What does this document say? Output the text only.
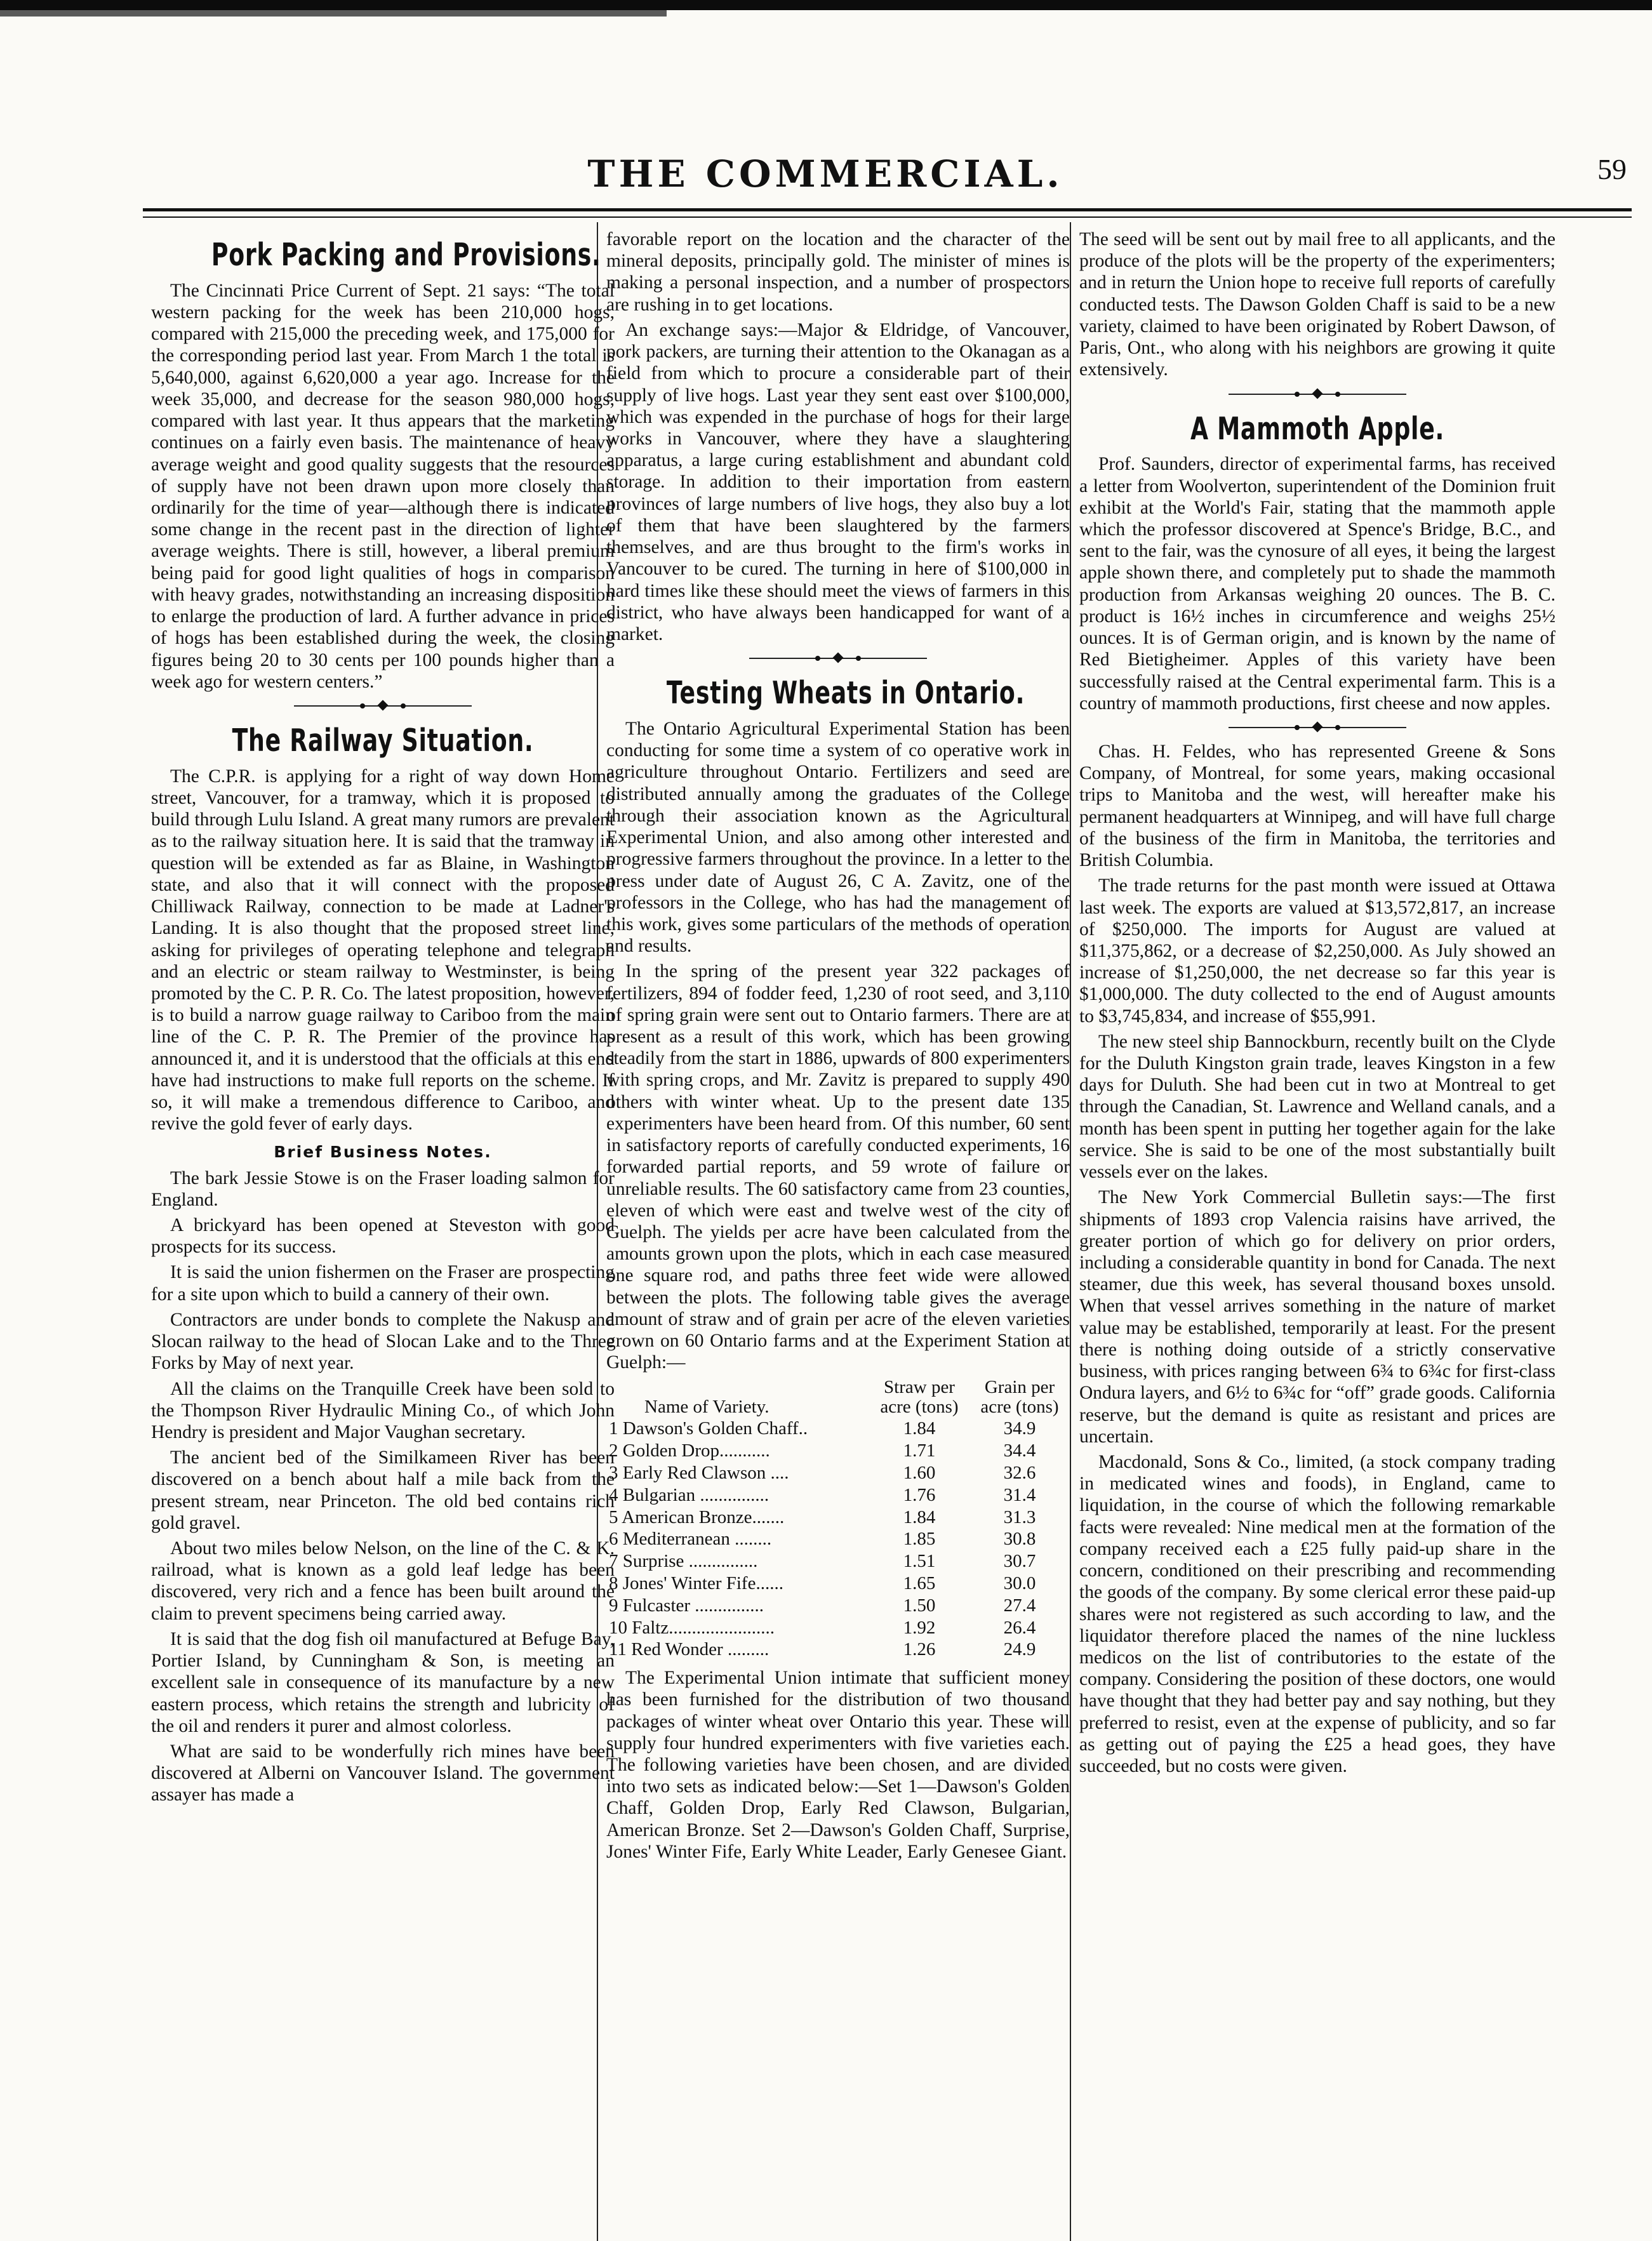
THE COMMERCIAL.	59
Pork Packing and Provisions.

The Cincinnati Price Current of Sept. 21 says: “The total western packing for the week has been 210,000 hogs, compared with 215,000 the preceding week, and 175,000 for the corresponding period last year. From March 1 the total is 5,640,000, against 6,620,000 a year ago. Increase for the week 35,000, and decrease for the season 980,000 hogs, compared with last year. It thus appears that the marketing continues on a fairly even basis. The maintenance of heavy average weight and good quality suggests that the resources of supply have not been drawn upon more closely than ordinarily for the time of year—although there is indicated some change in the recent past in the direction of lighter average weights. There is still, however, a liberal premium being paid for good light qualities of hogs in comparison with heavy grades, notwithstanding an increasing disposition to enlarge the production of lard. A further advance in prices of hogs has been established during the week, the closing figures being 20 to 30 cents per 100 pounds higher than a week ago for western centers.”

The Railway Situation.

The C.P.R. is applying for a right of way down Home street, Vancouver, for a tramway, which it is proposed to build through Lulu Island. A great many rumors are prevalent as to the railway situation here. It is said that the tramway in question will be extended as far as Blaine, in Washington state, and also that it will connect with the proposed Chilliwack Railway, connection to be made at Ladner's Landing. It is also thought that the proposed street line, asking for privileges of operating telephone and telegraph and an electric or steam railway to Westminster, is being promoted by the C. P. R. Co. The latest proposition, however, is to build a narrow guage railway to Cariboo from the main line of the C. P. R. The Premier of the province has announced it, and it is understood that the officials at this end have had instructions to make full reports on the scheme. If so, it will make a tremendous difference to Cariboo, and revive the gold fever of early days.

Brief Business Notes.

The bark Jessie Stowe is on the Fraser loading salmon for England.

A brickyard has been opened at Steveston with good prospects for its success.

It is said the union fishermen on the Fraser are prospecting for a site upon which to build a cannery of their own.

Contractors are under bonds to complete the Nakusp and Slocan railway to the head of Slocan Lake and to the Three Forks by May of next year.

All the claims on the Tranquille Creek have been sold to the Thompson River Hydraulic Mining Co., of which John Hendry is president and Major Vaughan secretary.

The ancient bed of the Similkameen River has been discovered on a bench about half a mile back from the present stream, near Princeton. The old bed contains rich gold gravel.

About two miles below Nelson, on the line of the C. & K. railroad, what is known as a gold leaf ledge has been discovered, very rich and a fence has been built around the claim to prevent specimens being carried away.

It is said that the dog fish oil manufactured at Befuge Bay, Portier Island, by Cunningham & Son, is meeting an excellent sale in consequence of its manufacture by a new eastern process, which retains the strength and lubricity of the oil and renders it purer and almost colorless.

What are said to be wonderfully rich mines have been discovered at Alberni on Vancouver Island. The government assayer has made a

favorable report on the location and the character of the mineral deposits, principally gold. The minister of mines is making a personal inspection, and a number of prospectors are rushing in to get locations.

An exchange says:—Major & Eldridge, of Vancouver, pork packers, are turning their attention to the Okanagan as a field from which to procure a considerable part of their supply of live hogs. Last year they sent east over $100,000, which was expended in the purchase of hogs for their large works in Vancouver, where they have a slaughtering apparatus, a large curing establishment and abundant cold storage. In addition to their importation from eastern provinces of large numbers of live hogs, they also buy a lot of them that have been slaughtered by the farmers themselves, and are thus brought to the firm's works in Vancouver to be cured. The turning in here of $100,000 in hard times like these should meet the views of farmers in this district, who have always been handicapped for want of a market.

Testing Wheats in Ontario.

The Ontario Agricultural Experimental Station has been conducting for some time a system of co operative work in agriculture throughout Ontario. Fertilizers and seed are distributed annually among the graduates of the College through their association known as the Agricultural Experimental Union, and also among other interested and progressive farmers throughout the province. In a letter to the press under date of August 26, C A. Zavitz, one of the professors in the College, who has had the management of this work, gives some particulars of the methods of operation and results.

In the spring of the present year 322 packages of fertilizers, 894 of fodder feed, 1,230 of root seed, and 3,110 of spring grain were sent out to Ontario farmers. There are at present as a result of this work, which has been growing steadily from the start in 1886, upwards of 800 experimenters with spring crops, and Mr. Zavitz is prepared to supply 490 others with winter wheat. Up to the present date 135 experimenters have been heard from. Of this number, 60 sent in satisfactory reports of carefully conducted experiments, 16 forwarded partial reports, and 59 wrote of failure or unreliable results. The 60 satisfactory came from 23 counties, eleven of which were east and twelve west of the city of Guelph. The yields per acre have been calculated from the amounts grown upon the plots, which in each case measured one square rod, and paths three feet wide were allowed between the plots. The following table gives the average amount of straw and of grain per acre of the eleven varieties grown on 60 Ontario farms and at the Experiment Station at Guelph:—

Name of Variety.	Straw per acre (tons)	Grain per acre (tons)
1 Dawson's Golden Chaff..	1.84	34.9
2 Golden Drop...........	1.71	34.4
3 Early Red Clawson ....	1.60	32.6
4 Bulgarian ...............	1.76	31.4
5 American Bronze.......	1.84	31.3
6 Mediterranean ........	1.85	30.8
7 Surprise ...............	1.51	30.7
8 Jones' Winter Fife......	1.65	30.0
9 Fulcaster ...............	1.50	27.4
10 Faltz.......................	1.92	26.4
11 Red Wonder .........	1.26	24.9

The Experimental Union intimate that sufficient money has been furnished for the distribution of two thousand packages of winter wheat over Ontario this year. These will supply four hundred experimenters with five varieties each. The following varieties have been chosen, and are divided into two sets as indicated below:—Set 1—Dawson's Golden Chaff, Golden Drop, Early Red Clawson, Bulgarian, American Bronze. Set 2—Dawson's Golden Chaff, Surprise, Jones' Winter Fife, Early White Leader, Early Genesee Giant.

The seed will be sent out by mail free to all applicants, and the produce of the plots will be the property of the experimenters; and in return the Union hope to receive full reports of carefully conducted tests. The Dawson Golden Chaff is said to be a new variety, claimed to have been originated by Robert Dawson, of Paris, Ont., who along with his neighbors are growing it quite extensively.

A Mammoth Apple.

Prof. Saunders, director of experimental farms, has received a letter from Woolverton, superintendent of the Dominion fruit exhibit at the World's Fair, stating that the mammoth apple which the professor discovered at Spence's Bridge, B.C., and sent to the fair, was the cynosure of all eyes, it being the largest apple shown there, and completely put to shade the mammoth production from Arkansas weighing 20 ounces. The B. C. product is 16½ inches in circumference and weighs 25½ ounces. It is of German origin, and is known by the name of Red Bietigheimer. Apples of this variety have been successfully raised at the Central experimental farm. This is a country of mammoth productions, first cheese and now apples.

Chas. H. Feldes, who has represented Greene & Sons Company, of Montreal, for some years, making occasional trips to Manitoba and the west, will hereafter make his permanent headquarters at Winnipeg, and will have full charge of the business of the firm in Manitoba, the territories and British Columbia.

The trade returns for the past month were issued at Ottawa last week. The exports are valued at $13,572,817, an increase of $250,000. The imports for August are valued at $11,375,862, or a decrease of $2,250,000. As July showed an increase of $1,250,000, the net decrease so far this year is $1,000,000. The duty collected to the end of August amounts to $3,745,834, and increase of $55,991.

The new steel ship Bannockburn, recently built on the Clyde for the Duluth Kingston grain trade, leaves Kingston in a few days for Duluth. She had been cut in two at Montreal to get through the Canadian, St. Lawrence and Welland canals, and a month has been spent in putting her together again for the lake service. She is said to be one of the most substantially built vessels ever on the lakes.

The New York Commercial Bulletin says:—The first shipments of 1893 crop Valencia raisins have arrived, the greater portion of which go for delivery on prior orders, including a considerable quantity in bond for Canada. The next steamer, due this week, has several thousand boxes unsold. When that vessel arrives something in the nature of market value may be established, temporarily at least. For the present there is nothing doing outside of a strictly conservative business, with prices ranging between 6¾ to 6¾c for first-class Ondura layers, and 6½ to 6¾c for “off” grade goods. California reserve, but the demand is quite as resistant and prices are uncertain.

Macdonald, Sons & Co., limited, (a stock company trading in medicated wines and foods), in England, came to liquidation, in the course of which the following remarkable facts were revealed: Nine medical men at the formation of the company received each a £25 fully paid-up share in the concern, conditioned on their prescribing and recommending the goods of the company. By some clerical error these paid-up shares were not registered as such according to law, and the liquidator therefore placed the names of the nine luckless medicos on the list of contributories to the estate of the company. Considering the position of these doctors, one would have thought that they had better pay and say nothing, but they preferred to resist, even at the expense of publicity, and so far as getting out of paying the £25 a head goes, they have succeeded, but no costs were given.
